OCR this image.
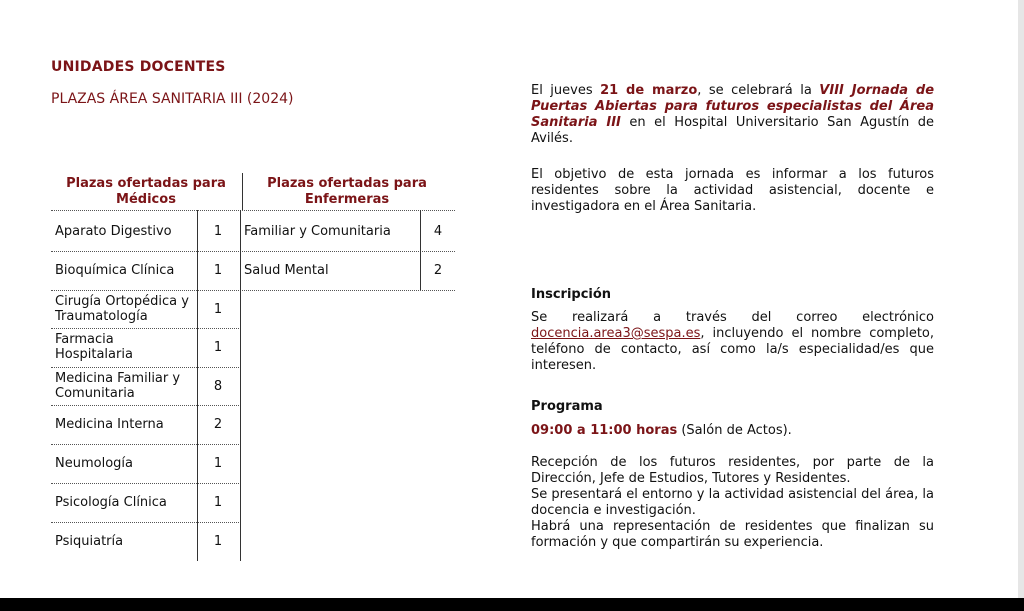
UNIDADES DOCENTES
PLAZAS ÁREA SANITARIA III (2024)
Plazas ofertadas para
Médicos
Plazas ofertadas para
Enfermeras
Aparato Digestivo	1
Bioquímica Clínica	1
Cirugía Ortopédica y
Traumatología	1
Farmacia
Hospitalaria	1
Medicina Familiar y
Comunitaria	8
Medicina Interna	2
Neumología	1
Psicología Clínica	1
Psiquiatría	1
Familiar y Comunitaria	4
Salud Mental	2
El jueves 21 de marzo, se celebrará la VIII Jornada de Puertas Abiertas para futuros especialistas del Área Sanitaria III en el Hospital Universitario San Agustín de Avilés.
El objetivo de esta jornada es informar a los futuros residentes sobre la actividad asistencial, docente e investigadora en el Área Sanitaria.
Inscripción
Se realizará a través del correo electrónico docencia.area3@sespa.es, incluyendo el nombre completo, teléfono de contacto, así como la/s especialidad/es que interesen.
Programa
09:00 a 11:00 horas (Salón de Actos).
Recepción de los futuros residentes, por parte de la Dirección, Jefe de Estudios, Tutores y Residentes.
Se presentará el entorno y la actividad asistencial del área, la docencia e investigación.
Habrá una representación de residentes que finalizan su formación y que compartirán su experiencia.
